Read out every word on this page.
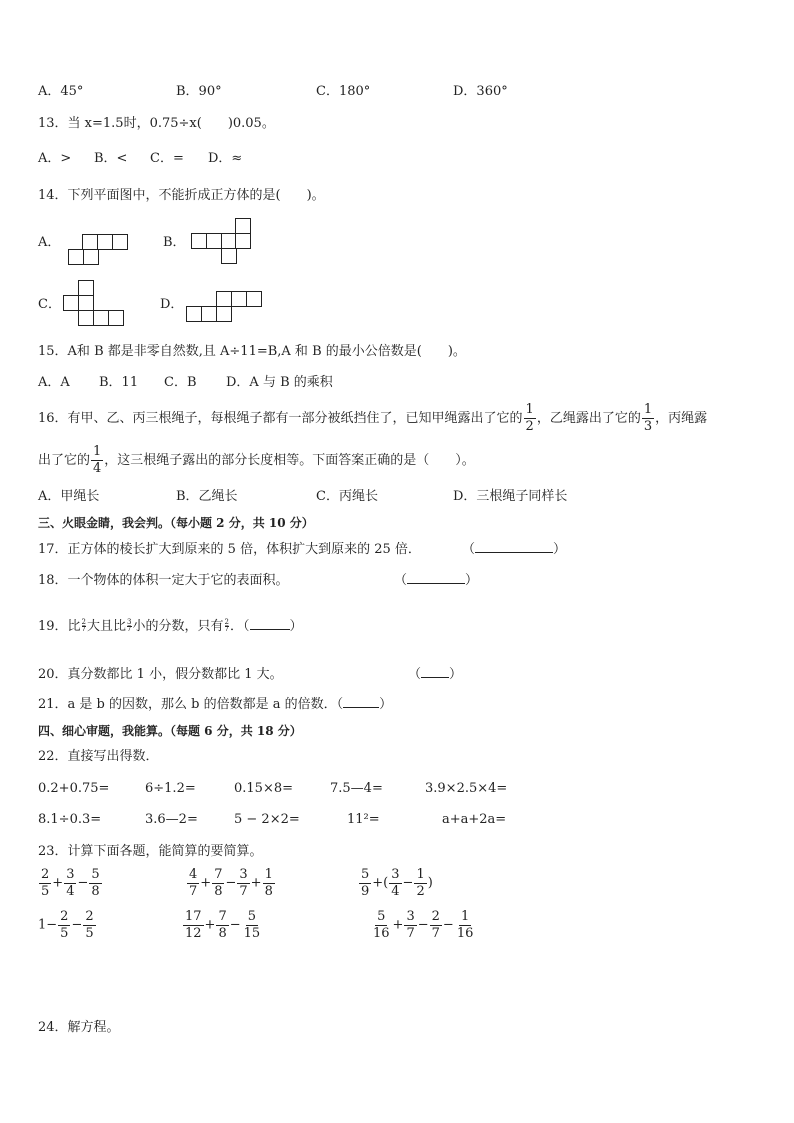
A．45°	B．90°	C．180°	D．360°
13．当 x=1.5时，0.75÷x(　　)0.05。
A．> B．< C．= D．≈
14．下列平面图中，不能折成正方体的是(　　)。
A．	B．
C．	D．
15．A和 B 都是非零自然数,且 A÷11=B,A 和 B 的最小公倍数是(　　)。
A．A B．11 C．B D．A 与 B 的乘积
16．有甲、乙、丙三根绳子，每根绳子都有一部分被纸挡住了，已知甲绳露出了它的 $\frac{1}{2}$ ，乙绳露出了它的 $\frac{1}{3}$ ，丙绳露
出了它的 $\frac{1}{4}$ ，这三根绳子露出的部分长度相等。下面答案正确的是（　　）。
A．甲绳长	B．乙绳长	C．丙绳长	D．三根绳子同样长
三、火眼金睛，我会判。（每小题 2 分，共 10 分）
17．正方体的棱长扩大到原来的 5 倍，体积扩大到原来的 25 倍．	（	）
18．一个物体的体积一定大于它的表面积。	（	）
19．比 $\frac{2}{7}$ 大且比 $\frac{3}{7}$ 小的分数，只有 $\frac{2}{7}$ ．（	）
20．真分数都比 1 小，假分数都比 1 大。	（ ）
21．a 是 b 的因数，那么 b 的倍数都是 a 的倍数．（	）
四、细心审题，我能算。（每题 6 分，共 18 分）
22．直接写出得数．
0.2+0.75=	6÷1.2=	0.15×8=	7.5—4=	3.9×2.5×4=
8.1÷0.3=	3.6—2=	5 − 2×2=	11²=	a+a+2a=
23．计算下面各题，能简算的要简算。
$\frac{2}{5} + \frac{3}{4} - \frac{5}{8}$	$\frac{4}{7} + \frac{7}{8} - \frac{3}{7} + \frac{1}{8}$	$\frac{5}{9}$ +( $\frac{3}{4} - \frac{1}{2}$ )
$1- \frac{2}{5} - \frac{2}{5}$	$\frac{17}{12} + \frac{7}{8} - \frac{5}{15}$	$\frac{5}{16} + \frac{3}{7} - \frac{2}{7} - \frac{1}{16}$
24．解方程。
